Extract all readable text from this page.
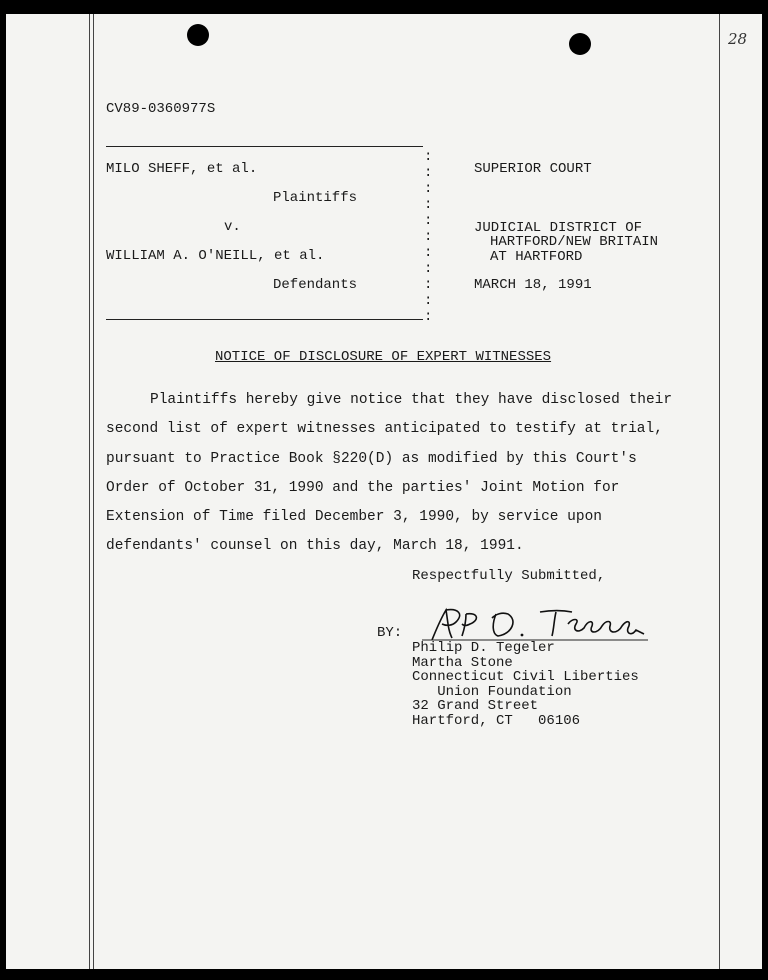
28
CV89-0360977S
MILO SHEFF, et al.
Plaintiffs
v.
WILLIAM A. O'NEILL, et al.
Defendants
:
:
:
:
:
:
:
:
:
:
:
SUPERIOR COURT
JUDICIAL DISTRICT OF
HARTFORD/NEW BRITAIN
AT HARTFORD
MARCH 18, 1991
NOTICE OF DISCLOSURE OF EXPERT WITNESSES
Plaintiffs hereby give notice that they have disclosed their
second list of expert witnesses anticipated to testify at trial,
pursuant to Practice Book §220(D) as modified by this Court's
Order of October 31, 1990 and the parties' Joint Motion for
Extension of Time filed December 3, 1990, by service upon
defendants' counsel on this day, March 18, 1991.
Respectfully Submitted,
BY:
Philip D. Tegeler
Martha Stone
Connecticut Civil Liberties
Union Foundation
32 Grand Street
Hartford, CT   06106
